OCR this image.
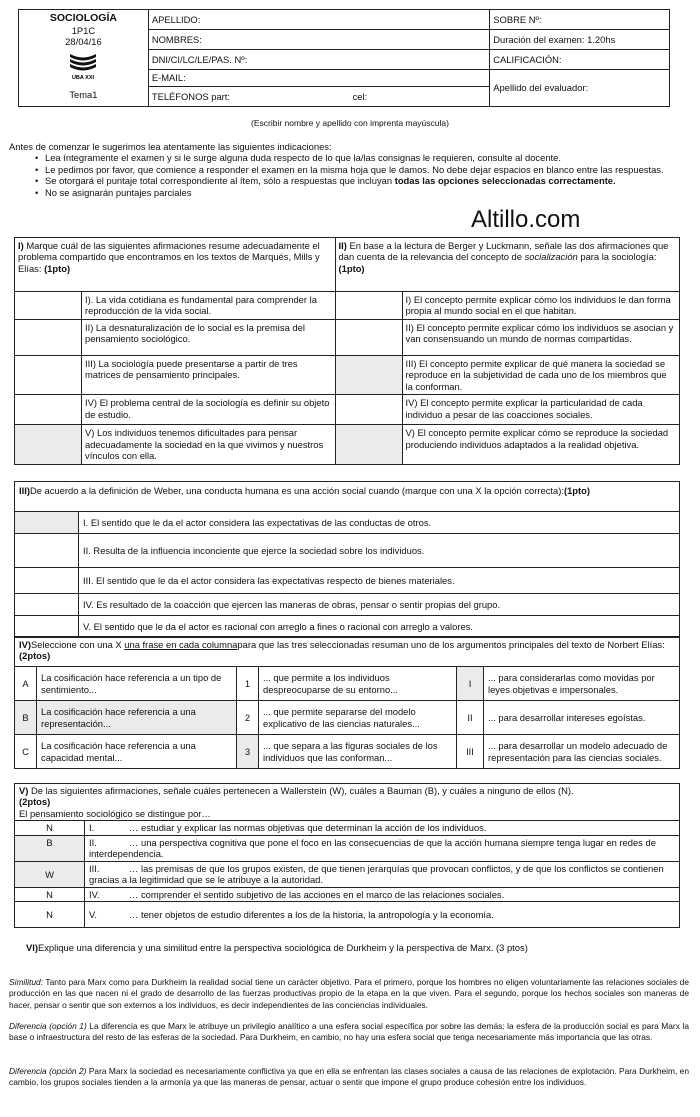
SOCIOLOGÍA
1P1C
28/04/16
UBA XXI
Tema1	APELLIDO:	SOBRE Nº:
	NOMBRES:	Duración del examen: 1.20hs
	DNI/CI/LC/LE/PAS. Nº:	CALIFICACIÓN:
	E-MAIL:	Apellido del evaluador:
	TELÉFONOS part: cel:	
(Escribir nombre y apellido con imprenta mayúscula)
Antes de comenzar le sugerimos lea atentamente las siguientes indicaciones:
• Lea íntegramente el examen y si le surge alguna duda respecto de lo que la/las consignas le requieren, consulte al docente.
• Le pedimos por favor, que comience a responder el examen en la misma hoja que le damos. No debe dejar espacios en blanco entre las respuestas.
• Se otorgará el puntaje total correspondiente al ítem, sólo a respuestas que incluyan todas las opciones seleccionadas correctamente.
• No se asignarán puntajes parciales
Altillo.com
I) Marque cuál de las siguientes afirmaciones resume adecuadamente el problema compartido que encontramos en los textos de Marqués, Mills y Elías: (1pto)		II) En base a la lectura de Berger y Luckmann, señale las dos afirmaciones que dan cuenta de la relevancia del concepto de socialización para la sociología:(1pto)	
	I). La vida cotidiana es fundamental para comprender la reproducción de la vida social.		I) El concepto permite explicar cómo los individuos le dan forma propia al mundo social en el que habitan.
	II) La desnaturalización de lo social es la premisa del pensamiento sociológico.		II) El concepto permite explicar cómo los individuos se asocian y van consensuando un mundo de normas compartidas.
	III) La sociología puede presentarse a partir de tres matrices de pensamiento principales.		III) El concepto permite explicar de qué manera la sociedad se reproduce en la subjetividad de cada uno de los miembros que la conforman.
	IV) El problema central de la sociología es definir su objeto de estudio.		IV) El concepto permite explicar la particularidad de cada individuo a pesar de las coacciones sociales.
	V) Los individuos tenemos dificultades para pensar adecuadamente la sociedad en la que vivimos y nuestros vínculos con ella.		V) El concepto permite explicar cómo se reproduce la sociedad produciendo individuos adaptados a la realidad objetiva.
III)De acuerdo a la definición de Weber, una conducta humana es una acción social cuando (marque con una X la opción correcta):(1pto)	
	I. El sentido que le da el actor considera las expectativas de las conductas de otros.
	II. Resulta de la influencia inconciente que ejerce la sociedad sobre los individuos.
	III. El sentido que le da el actor considera las expectativas respecto de bienes materiales.
	IV. Es resultado de la coacción que ejercen las maneras de obras, pensar o sentir propias del grupo.
	V. El sentido que le da el actor es racional con arreglo a fines o racional con arreglo a valores.
IV)Seleccione con una X una frase en cada columnapara que las tres seleccionadas resuman uno de los argumentos principales del texto de Norbert Elías:(2ptos)					
A	La cosificación hace referencia a un tipo de sentimiento...	1	... que permite a los individuos despreocuparse de su entorno...	I	... para considerarlas como movidas por leyes objetivas e impersonales.
B	La cosificación hace referencia a una representación...	2	... que permite separarse del modelo explicativo de las ciencias naturales...	II	... para desarrollar intereses egoístas.
C	La cosificación hace referencia a una capacidad mental...	3	... que separa a las figuras sociales de los individuos que las conforman...	III	... para desarrollar un modelo adecuado de representación para las ciencias sociales.
V) De las siguientes afirmaciones, señale cuáles pertenecen a Wallerstein (W), cuáles a Bauman (B), y cuáles a ninguno de ellos (N).
(2ptos)
El pensamiento sociológico se distingue por…	
N	I. … estudiar y explicar las normas objetivas que determinan la acción de los individuos.
B	II. … una perspectiva cognitiva que pone el foco en las consecuencias de que la acción humana siempre tenga lugar en redes de interdependencia.
W	III. … las premisas de que los grupos existen, de que tienen jerarquías que provocan conflictos, y de que los conflictos se contienen gracias a la legitimidad que se le atribuye a la autoridad.
N	IV. … comprender el sentido subjetivo de las acciones en el marco de las relaciones sociales.
N	V. … tener objetos de estudio diferentes a los de la historia, la antropología y la economía.
VI)Explique una diferencia y una similitud entre la perspectiva sociológica de Durkheim y la perspectiva de Marx. (3 ptos)
Similitud: Tanto para Marx como para Durkheim la realidad social tiene un carácter objetivo. Para el primero, porque los hombres no eligen voluntariamente las relaciones sociales de producción en las que nacen ni el grado de desarrollo de las fuerzas productivas propio de la etapa en la que viven. Para el segundo, porque los hechos sociales son maneras de hacer, pensar o sentir que son externos a los individuos, es decir independientes de las conciencias individuales.
Diferencia (opción 1) La diferencia es que Marx le atribuye un privilegio analítico a una esfera social específica por sobre las demás: la esfera de la producción social es para Marx la base o infraestructura del resto de las esferas de la sociedad. Para Durkheim, en cambio, no hay una esfera social que tenga necesariamente más importancia que las otras.
Diferencia (opción 2) Para Marx la sociedad es necesariamente conflictiva ya que en ella se enfrentan las clases sociales a causa de las relaciones de explotación. Para Durkheim, en cambio, los grupos sociales tienden a la armonía ya que las maneras de pensar, actuar o sentir que impone el grupo produce cohesión entre los individuos.
